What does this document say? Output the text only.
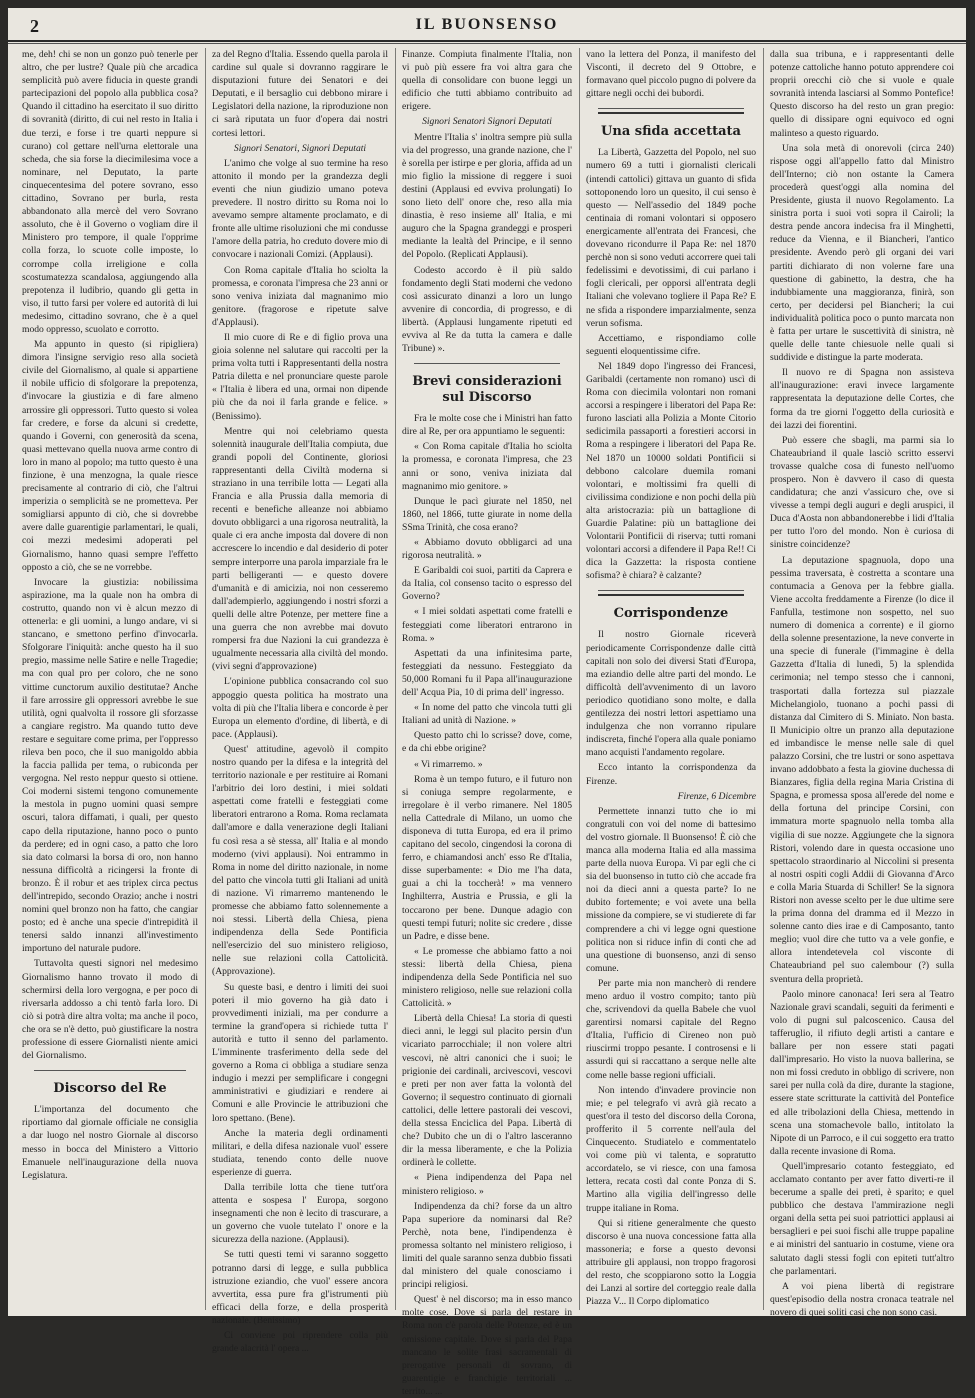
2	IL BUONSENSO

me, deh! chi se non un gonzo può tenerle per altro, che per lustre? Quale più che arcadica semplicità può avere fiducia in queste grandi partecipazioni del popolo alla pubblica cosa? Quando il cittadino ha esercitato il suo diritto di sovranità (diritto, di cui nel resto in Italia i due terzi, e forse i tre quarti neppure si curano) col gettare nell'urna elettorale una scheda, che sia forse la diecimilesima voce a nominare, nel Deputato, la parte cinquecentesima del potere sovrano, esso cittadino, Sovrano per burla, resta abbandonato alla mercè del vero Sovrano assoluto, che è il Governo o vogliam dire il Ministero pro tempore, il quale l'opprime colla forza, lo scuote colle imposte, lo corrompe colla irreligione e colla scostumatezza scandalosa, aggiungendo alla prepotenza il ludibrio, quando gli getta in viso, il tutto farsi per volere ed autorità di lui medesimo, cittadino sovrano, che è a quel modo oppresso, scuolato e corrotto.

Ma appunto in questo (si ripigliera) dimora l'insigne servigio reso alla società civile del Giornalismo, al quale si appartiene il nobile ufficio di sfolgorare la prepotenza, d'invocare la giustizia e di fare almeno arrossire gli oppressori. Tutto questo si volea far credere, e forse da alcuni si credette, quando i Governi, con generosità da scena, quasi mettevano quella nuova arme contro di loro in mano al popolo; ma tutto questo è una finzione, è una menzogna, la quale riesce precisamente al contrario di ciò, che l'altrui imperizia o semplicità se ne prometteva. Per somigliarsi appunto di ciò, che si dovrebbe avere dalle guarentigie parlamentari, le quali, coi mezzi medesimi adoperati pel Giornalismo, hanno quasi sempre l'effetto opposto a ciò, che se ne vorrebbe.

Invocare la giustizia: nobilissima aspirazione, ma la quale non ha ombra di costrutto, quando non vi è alcun mezzo di ottenerla: e gli uomini, a lungo andare, vi si stancano, e smettono perfino d'invocarla. Sfolgorare l'iniquità: anche questo ha il suo pregio, massime nelle Satire e nelle Tragedie; ma con qual pro per coloro, che ne sono vittime cunctorum auxilio destitutae? Anche il fare arrossire gli oppressori avrebbe le sue utilità, ogni qualvolta il rossore gli sforzasse a cangiare registro. Ma quando tutto deve restare e seguitare come prima, per l'oppresso rileva ben poco, che il suo manigoldo abbia la faccia pallida per tema, o rubiconda per vergogna. Nel resto neppur questo si ottiene. Coi moderni sistemi tengono comunemente la mestola in pugno uomini quasi sempre oscuri, talora diffamati, i quali, per questo capo della riputazione, hanno poco o punto da perdere; ed in ogni caso, a patto che loro sia dato colmarsi la borsa di oro, non hanno nessuna difficoltà a ricingersi la fronte di bronzo. È il robur et aes triplex circa pectus dell'intrepido, secondo Orazio; anche i nostri nomini quel bronzo non ha fatto, che cangiar posto; ed è anche una specie d'intrepidità il tenersi saldo innanzi all'investimento importuno del naturale pudore.

Tuttavolta questi signori nel medesimo Giornalismo hanno trovato il modo di schermirsi della loro vergogna, e per poco di riversarla addosso a chi tentò farla loro. Di ciò si potrà dire altra volta; ma anche il poco, che ora se n'è detto, può giustificare la nostra professione di essere Giornalisti niente amici del Giornalismo.

Discorso del Re

L'importanza del documento che riportiamo dal giornale officiale ne consiglia a dar luogo nel nostro Giornale al discorso messo in bocca del Ministero a Vittorio Emanuele nell'inaugurazione della nuova Legislatura.

za del Regno d'Italia. Essendo quella parola il cardine sul quale si dovranno raggirare le disputazioni future dei Senatori e dei Deputati, e il bersaglio cui debbono mirare i Legislatori della nazione, la riproduzione non ci sarà riputata un fuor d'opera dai nostri cortesi lettori.

Signori Senatori, Signori Deputati

L'animo che volge al suo termine ha reso attonito il mondo per la grandezza degli eventi che niun giudizio umano poteva prevedere. Il nostro diritto su Roma noi lo avevamo sempre altamente proclamato, e di fronte alle ultime risoluzioni che mi condusse l'amore della patria, ho creduto dovere mio di convocare i nazionali Comizi. (Applausi).

Con Roma capitale d'Italia ho sciolta la promessa, e coronata l'impresa che 23 anni or sono veniva iniziata dal magnanimo mio genitore. (fragorose e ripetute salve d'Applausi).

Il mio cuore di Re e di figlio prova una gioia solenne nel salutare qui raccolti per la prima volta tutti i Rappresentanti della nostra Patria diletta e nel pronunciare queste parole « l'Italia è libera ed una, ormai non dipende più che da noi il farla grande e felice. » (Benissimo).

Mentre qui noi celebriamo questa solennità inaugurale dell'Italia compiuta, due grandi popoli del Continente, gloriosi rappresentanti della Civiltà moderna si straziano in una terribile lotta — Legati alla Francia e alla Prussia dalla memoria di recenti e benefiche alleanze noi abbiamo dovuto obbligarci a una rigorosa neutralità, la quale ci era anche imposta dal dovere di non accrescere lo incendio e dal desiderio di poter sempre interporre una parola imparziale fra le parti belligeranti — e questo dovere d'umanità e di amicizia, noi non cesseremo dall'adempierlo, aggiungendo i nostri sforzi a quelli delle altre Potenze, per mettere fine a una guerra che non avrebbe mai dovuto rompersi fra due Nazioni la cui grandezza è ugualmente necessaria alla civiltà del mondo. (vivi segni d'approvazione)

L'opinione pubblica consacrando col suo appoggio questa politica ha mostrato una volta di più che l'Italia libera e concorde è per Europa un elemento d'ordine, di libertà, e di pace. (Applausi).

Quest' attitudine, agevolò il compito nostro quando per la difesa e la integrità del territorio nazionale e per restituire ai Romani l'arbitrio dei loro destini, i miei soldati aspettati come fratelli e festeggiati come liberatori entrarono a Roma. Roma reclamata dall'amore e dalla venerazione degli Italiani fu così resa a sè stessa, all' Italia e al mondo moderno (vivi applausi). Noi entrammo in Roma in nome del diritto nazionale, in nome del patto che vincola tutti gli Italiani ad unità di nazione. Vi rimarremo mantenendo le promesse che abbiamo fatto solennemente a noi stessi. Libertà della Chiesa, piena indipendenza della Sede Pontificia nell'esercizio del suo ministero religioso, nelle sue relazioni colla Cattolicità. (Approvazione).

Su queste basi, e dentro i limiti dei suoi poteri il mio governo ha già dato i provvedimenti iniziali, ma per condurre a termine la grand'opera si richiede tutta l' autorità e tutto il senno del parlamento. L'imminente trasferimento della sede del governo a Roma ci obbliga a studiare senza indugio i mezzi per semplificare i congegni amministrativi e giudiziari e rendere ai Comuni e alle Provincie le attribuzioni che loro spettano. (Bene).

Anche la materia degli ordinamenti militari, e della difesa nazionale vuol' essere studiata, tenendo conto delle nuove esperienze di guerra.

Dalla terribile lotta che tiene tutt'ora attenta e sospesa l' Europa, sorgono insegnamenti che non è lecito di trascurare, a un governo che vuole tutelato l' onore e la sicurezza della nazione. (Applausi).

Se tutti questi temi vi saranno soggetto potranno darsi di legge, e sulla pubblica istruzione eziandio, che vuol' essere ancora avvertita, essa pure fra gl'istrumenti più efficaci della forze, e della prosperità nazionale. (Benissimo)

Ci conviene poi riprendere colla più grande alacrità l' opera ...

Finanze. Compiuta finalmente l'Italia, non vi può più essere fra voi altra gara che quella di consolidare con buone leggi un edificio che tutti abbiamo contribuito ad erigere.

Signori Senatori Signori Deputati

Mentre l'Italia s' inoltra sempre più sulla via del progresso, una grande nazione, che l' è sorella per istirpe e per gloria, affida ad un mio figlio la missione di reggere i suoi destini (Applausi ed evviva prolungati) Io sono lieto dell' onore che, reso alla mia dinastia, è reso insieme all' Italia, e mi auguro che la Spagna grandeggi e prosperi mediante la lealtà del Principe, e il senno del Popolo. (Replicati Applausi).

Codesto accordo è il più saldo fondamento degli Stati moderni che vedono così assicurato dinanzi a loro un lungo avvenire di concordia, di progresso, e di libertà. (Applausi lungamente ripetuti ed evviva al Re da tutta la camera e dalle Tribune) ».

Brevi considerazioni sul Discorso

Fra le molte cose che i Ministri han fatto dire al Re, per ora appuntiamo le seguenti:

« Con Roma capitale d'Italia ho sciolta la promessa, e coronata l'impresa, che 23 anni or sono, veniva iniziata dal magnanimo mio genitore. »

Dunque le pacì giurate nel 1850, nel 1860, nel 1866, tutte giurate in nome della SSma Trinità, che cosa erano?

« Abbiamo dovuto obbligarci ad una rigorosa neutralità. »

E Garibaldi coi suoi, partiti da Caprera e da Italia, col consenso tacito o espresso del Governo?

« I miei soldati aspettati come fratelli e festeggiati come liberatori entrarono in Roma. »

Aspettati da una infinitesima parte, festeggiati da nessuno. Festeggiato da 50,000 Romani fu il Papa all'inaugurazione dell' Acqua Pia, 10 di prima dell' ingresso.

« In nome del patto che vincola tutti gli Italiani ad unità di Nazione. »

Questo patto chi lo scrisse? dove, come, e da chi ebbe origine?

« Vi rimarremo. »

Roma è un tempo futuro, e il futuro non si coniuga sempre regolarmente, e irregolare è il verbo rimanere. Nel 1805 nella Cattedrale di Milano, un uomo che disponeva di tutta Europa, ed era il primo capitano del secolo, cingendosi la corona di ferro, e chiamandosi anch' esso Re d'Italia, disse superbamente: « Dio me l'ha data, guai a chi la toccherà! » ma vennero Inghilterra, Austria e Prussia, e gli la toccarono per bene. Dunque adagio con questi tempi futuri; nolite sic credere , disse un Padre, e disse bene.

« Le promesse che abbiamo fatto a noi stessi: libertà della Chiesa, piena indipendenza della Sede Pontificia nel suo ministero religioso, nelle sue relazioni colla Cattolicità. »

Libertà della Chiesa! La storia di questi dieci anni, le leggi sul placito persin d'un vicariato parrocchiale; il non volere altri vescovi, nè altri canonici che i suoi; le prigionie dei cardinali, arcivescovi, vescovi e preti per non aver fatta la volontà del Governo; il sequestro continuato di giornali cattolici, delle lettere pastorali dei vescovi, della stessa Enciclica del Papa. Libertà di che? Dubito che un di o l'altro lasceranno dir la messa liberamente, e che la Polizia ordinerà le collette.

« Piena indipendenza del Papa nel ministero religioso. »

Indipendenza da chi? forse da un altro Papa superiore da nominarsi dal Re? Perchè, nota bene, l'indipendenza è promessa soltanto nel ministero religioso, i limiti del quale saranno senza dubbio fissati dal ministero del quale conosciamo i principi religiosi.

Quest' è nel discorso; ma in esso manco molte cose. Dove si parla del restare in Roma non c'è parola delle Potenze, ed è un omissione capitale. Dove si parla del Papa mancano le solite frasi sacramentali di prerogative personali di sovrano, di guarentigie e franchigie territoriali ... territo... ...

vano la lettera del Ponza, il manifesto del Visconti, il decreto del 9 Ottobre, e formavano quel piccolo pugno di polvere da gittare negli occhi dei bubordi.

Una sfida accettata

La Libertà, Gazzetta del Popolo, nel suo numero 69 a tutti i giornalisti clericali (intendi cattolici) gittava un guanto di sfida sottoponendo loro un quesito, il cui senso è questo — Nell'assedio del 1849 poche centinaia di romani volontari si opposero energicamente all'entrata dei Francesi, che dovevano ricondurre il Papa Re: nel 1870 perchè non si sono veduti accorrere quei tali fedelissimi e devotissimi, di cui parlano i fogli clericali, per opporsi all'entrata degli Italiani che volevano togliere il Papa Re? E ne sfida a rispondere imparzialmente, senza verun sofisma.

Accettiamo, e rispondiamo colle seguenti eloquentissime cifre.

Nel 1849 dopo l'ingresso dei Francesi, Garibaldi (certamente non romano) uscì di Roma con diecimila volontari non romani accorsi a respingere i liberatori del Papa Re: furono lasciati alla Polizia a Monte Citorio sedicimila passaporti a forestieri accorsi in Roma a respingere i liberatori del Papa Re. Nel 1870 un 10000 soldati Pontificii si debbono calcolare duemila romani volontari, e moltissimi fra quelli di civilissima condizione e non pochi della più alta aristocrazia: più un battaglione di Guardie Palatine: più un battaglione dei Volontarii Pontificii di riserva; tutti romani volontari accorsi a difendere il Papa Re!! Ci dica la Gazzetta: la risposta contiene sofisma? è chiara? è calzante?

Corrispondenze

Il nostro Giornale riceverà periodicamente Corrispondenze dalle città capitali non solo dei diversi Stati d'Europa, ma eziandio delle altre parti del mondo. Le difficoltà dell'avvenimento di un lavoro periodico quotidiano sono molte, e dalla gentilezza dei nostri lettori aspettiamo una indulgenza che non vorranno ripulare indiscreta, finché l'opera alla quale poniamo mano acquisti l'andamento regolare.

Ecco intanto la corrispondenza da Firenze.

Firenze, 6 Dicembre

Permettete innanzi tutto che io mi congratuli con voi del nome di battesimo del vostro giornale. Il Buonsenso! È ciò che manca alla moderna Italia ed alla massima parte della nuova Europa. Vi par egli che ci sia del buonsenso in tutto ciò che accade fra noi da dieci anni a questa parte? Io ne dubito fortemente; e voi avete una bella missione da compiere, se vi studierete di far comprendere a chi vi legge ogni questione politica non si riduce infin di conti che ad una questione di buonsenso, anzi di senso comune.

Per parte mia non mancherò di rendere meno arduo il vostro compito; tanto più che, scrivendovi da quella Babele che vuol garentirsi nomarsi capitale del Regno d'Italia, l'ufficio di Cireneo non può riuscirmi troppo pesante. I controsensi e li assurdi qui si raccattano a serque nelle alte come nelle basse regioni ufficiali.

Non intendo d'invadere provincie non mie; e pel telegrafo vi avrà già recato a quest'ora il testo del discorso della Corona, profferito il 5 corrente nell'aula del Cinquecento. Studiatelo e commentatelo voi come più vi talenta, e sopratutto accordatelo, se vi riesce, con una famosa lettera, recata costì dal conte Ponza di S. Martino alla vigilia dell'ingresso delle truppe italiane in Roma.

Qui si ritiene generalmente che questo discorso è una nuova concessione fatta alla massoneria; e forse a questo devonsi attribuire gli applausi, non troppo fragorosi del resto, che scoppiarono sotto la Loggia dei Lanzi al sortire del corteggio reale dalla Piazza V... Il Corpo diplomatico

dalla sua tribuna, e i rappresentanti delle potenze cattoliche hanno potuto apprendere coi proprii orecchi ciò che si vuole e quale sovranità intenda lasciarsi al Sommo Pontefice! Questo discorso ha del resto un gran pregio: quello di dissipare ogni equivoco ed ogni malinteso a questo riguardo.

Una sola metà di onorevoli (circa 240) rispose oggi all'appello fatto dal Ministro dell'Interno; ciò non ostante la Camera procederà quest'oggi alla nomina del Presidente, giusta il nuovo Regolamento. La sinistra porta i suoi voti sopra il Cairoli; la destra pende ancora indecisa fra il Minghetti, reduce da Vienna, e il Biancheri, l'antico presidente. Avendo però gli organi dei vari partiti dichiarato di non volerne fare una questione di gabinetto, la destra, che ha indubbiamente una maggioranza, finirà, son certo, per decidersi pel Biancheri; la cui individualità politica poco o punto marcata non è fatta per urtare le suscettività di sinistra, nè quelle delle tante chiesuole nelle quali si suddivide e distingue la parte moderata.

Il nuovo re di Spagna non assisteva all'inaugurazione: eravi invece largamente rappresentata la deputazione delle Cortes, che forma da tre giorni l'oggetto della curiosità e dei lazzi dei fiorentini.

Può essere che sbagli, ma parmi sia lo Chateaubriand il quale lasciò scritto esservi trovasse qualche cosa di funesto nell'uomo prospero. Non è davvero il caso di questa candidatura; che anzi v'assicuro che, ove si vivesse a tempi degli auguri e degli aruspici, il Duca d'Aosta non abbandonerebbe i lidi d'Italia per tutto l'oro del mondo. Non è curiosa di sinistre coincidenze?

La deputazione spagnuola, dopo una pessima traversata, è costretta a scontare una contumacia a Genova per la febbre gialla. Viene accolta freddamente a Firenze (lo dice il Fanfulla, testimone non sospetto, nel suo numero di domenica a corrente) e il giorno della solenne presentazione, la neve converte in una specie di funerale (l'immagine è della Gazzetta d'Italia di lunedì, 5) la splendida cerimonia; nel tempo stesso che i cannoni, trasportati dalla fortezza sul piazzale Michelangiolo, tuonano a pochi passi di distanza dal Cimitero di S. Miniato. Non basta. Il Municipio oltre un pranzo alla deputazione ed imbandisce le mense nelle sale di quel palazzo Corsini, che tre lustri or sono aspettava invano addobbato a festa la giovine duchessa di Bianzares, figlia della regina Maria Cristina di Spagna, e promessa sposa all'erede del nome e della fortuna del principe Corsini, con immatura morte spagnuolo nella tomba alla vigilia di sue nozze. Aggiungete che la signora Ristori, volendo dare in questa occasione uno spettacolo straordinario al Niccolini si presenta al nostri ospiti cogli Addii di Giovanna d'Arco e colla Maria Stuarda di Schiller! Se la signora Ristori non avesse scelto per le due ultime sere la prima donna del dramma ed il Mezzo in solenne canto dies irae e di Camposanto, tanto meglio; vuol dire che tutto va a vele gonfie, e allora intendetevela col visconte di Chateaubriand pel suo calembour (?) sulla sventura della proprietà.

Paolo minore canonaca! Ieri sera al Teatro Nazionale gravi scandali, seguiti da ferimenti e volo di pugni sul palcoscenico. Causa del tafferuglio, il rifiuto degli artisti a cantare e ballare per non essere stati pagati dall'impresario. Ho visto la nuova ballerina, se non mi fossi creduto in obbligo di scrivere, non sarei per nulla colà da dire, durante la stagione, essere state scritturate la cattività del Pontefice ed alle tribolazioni della Chiesa, mettendo in scena una stomachevole ballo, intitolato la Nipote di un Parroco, e il cui soggetto era tratto dalla recente invasione di Roma.

Quell'impresario cotanto festeggiato, ed acclamato contanto per aver fatto diverti-re il becerume a spalle dei preti, è sparito; e quel pubblico che destava l'ammirazione negli organi della setta pei suoi patriottici applausi ai bersaglieri e pei suoi fischi alle truppe papaline e ai ministri del santuario in costume, viene ora salutato dagli stessi fogli con epiteti tutt'altro che parlamentari.

A voi piena libertà di registrare quest'episodio della nostra cronaca teatrale nel novero di quei soliti casi che non sono casi.
